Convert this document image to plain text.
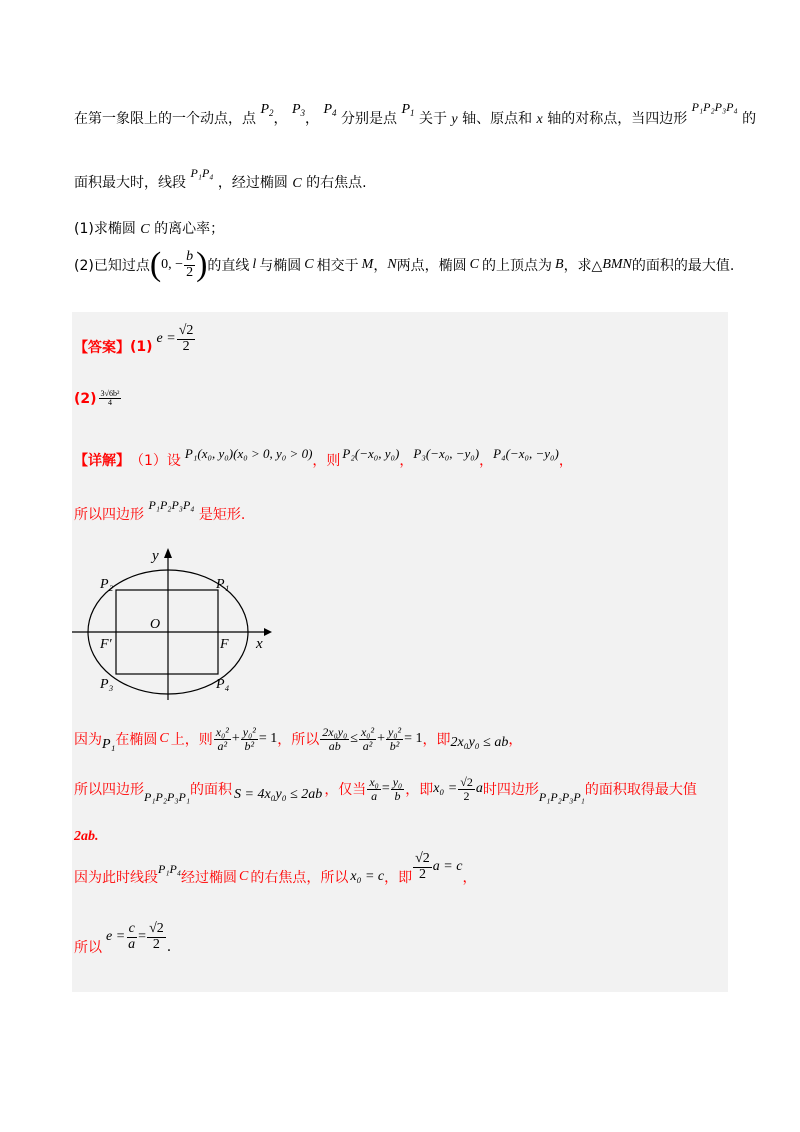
在第一象限上的一个动点，点 $P_2$， $P_3$， $P_4$ 分别是点 $P_1$ 关于 y 轴、原点和 x 轴的对称点，当四边形 P₁P₂P₃P₄ 的
面积最大时，线段 P₁P₄ ，经过椭圆 C 的右焦点.
(1)求椭圆 C 的离心率；
(2)已知过点 ( 0, − $\frac{b}{2}$ ) 的直线 l 与椭圆 C 相交于 M ， N 两点，椭圆 C 的上顶点为 B ，求△ BMN 的面积的最大值.
【答案】 (1)
$e = \frac{√2}{2}$
$(2) \frac{\text{3√6b²}}{4}$
【详解】 （1）设 P₁(x₀, y₀)(x₀ > 0, y₀ > 0) ，则 P₂(−x₀, y₀) ， P₃(−x₀, −y₀) ， P₄(−x₀, −y₀) ，
所以四边形 P₁P₂P₃P₄ 是矩形.
y
x
O
P₁
P₂
P₃	P₄
F
F′
因为 P₁ 在椭圆 C 上，则 $\frac{\text{x₀²}}{\text{a²}} + \frac{\text{y₀²}}{\text{b²}} = 1$ ，所以 $\frac{\text{2x₀y₀}}{ab} \le \frac{\text{x₀²}}{\text{a²}} + \frac{\text{y₀²}}{\text{b²}} = 1$ ，即 2x₀y₀ ≤ ab ，
所以四边形 P₁P₂P₃P₁ 的面积 S = 4x₀y₀ ≤ 2ab ，仅当 $\frac{\text{x₀}}{a} = \frac{\text{y₀}}{b}$ ，即 $x_0 = \frac{√2}{2}$ a 时四边形 P₁P₂P₃P₁ 的面积取得最大值
2ab.
因为此时线段
P₁P₄
经过椭圆 C 的右焦点，所以 x₀ = c ，即 $\frac{√2}{2}$ a = c
，
所以
$e = \frac{c}{a} = \frac{√2}{2}$ .
